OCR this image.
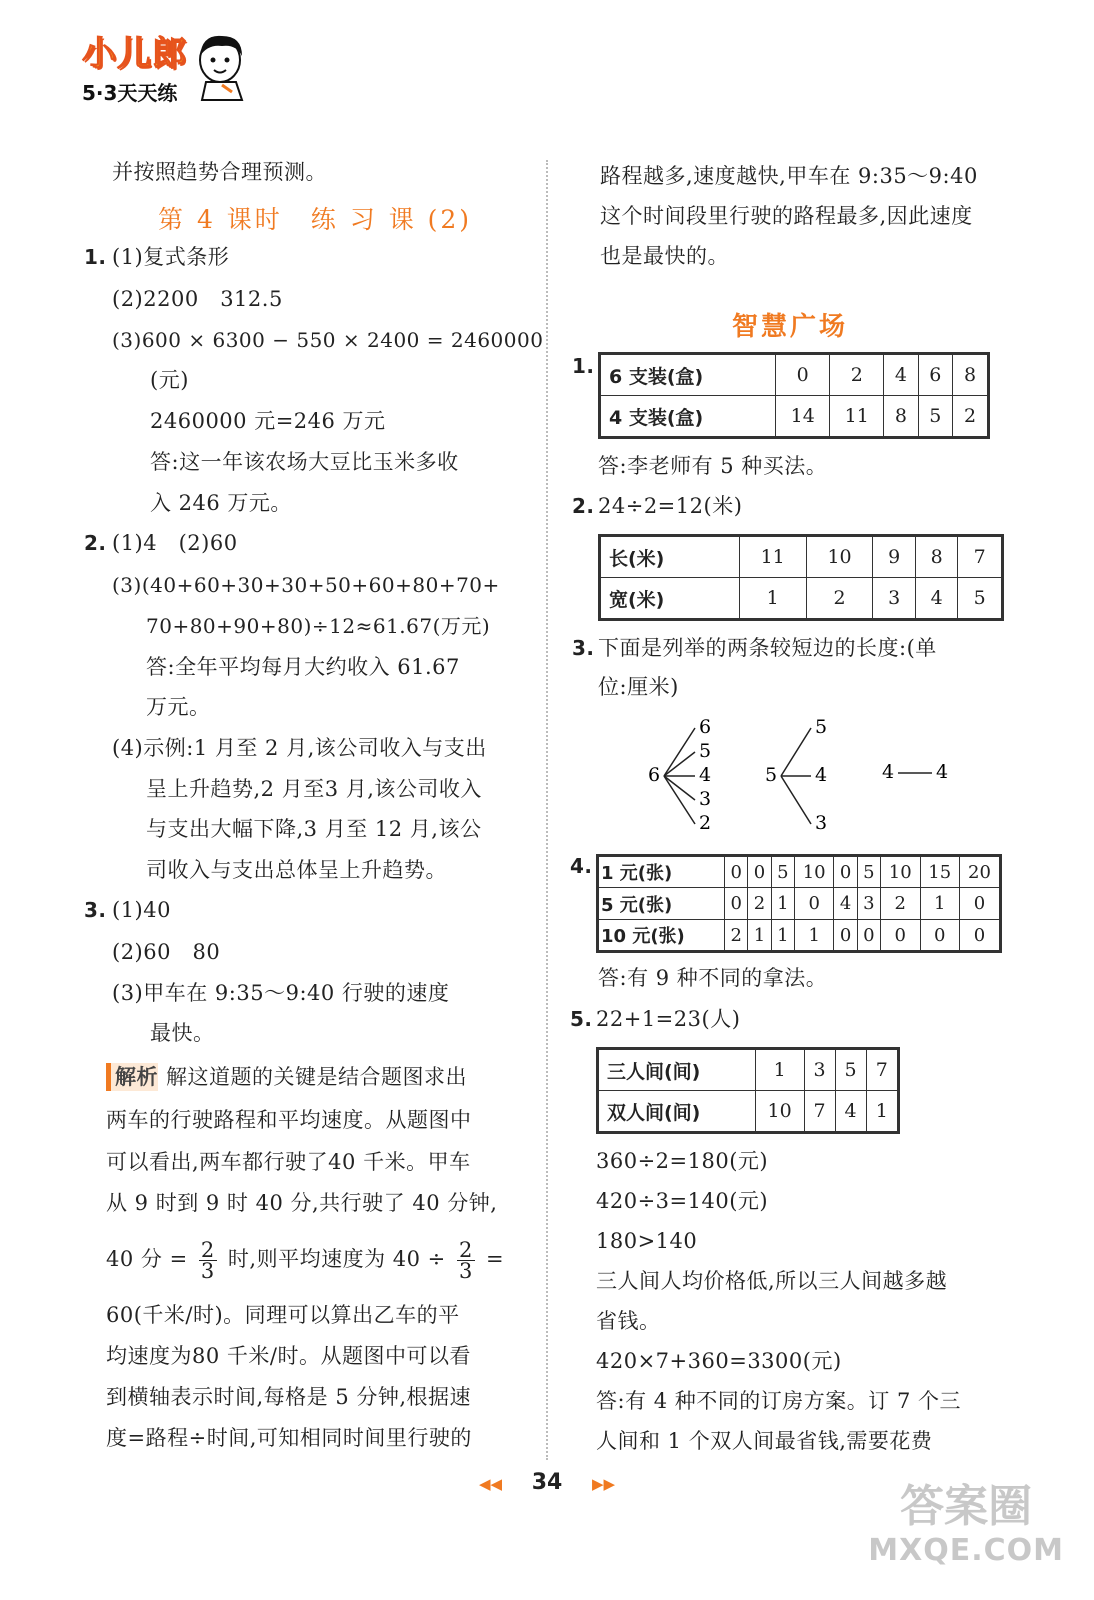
小儿郎
5·3天天练
并按照趋势合理预测。
第 4 课时　练 习 课 (2)
1. (1)复式条形
(2)2200　312.5
(3)600 × 6300 − 550 × 2400 = 2460000
(元)
2460000 元=246 万元
答:这一年该农场大豆比玉米多收
入 246 万元。
2. (1)4　(2)60
(3)(40+60+30+30+50+60+80+70+
70+80+90+80)÷12≈61.67(万元)
答:全年平均每月大约收入 61.67
万元。
(4)示例:1 月至 2 月,该公司收入与支出
呈上升趋势,2 月至3 月,该公司收入
与支出大幅下降,3 月至 12 月,该公
司收入与支出总体呈上升趋势。
3. (1)40
(2)60　80
(3)甲车在 9:35～9:40 行驶的速度
最快。
解析 解这道题的关键是结合题图求出
两车的行驶路程和平均速度。从题图中
可以看出,两车都行驶了40 千米。甲车
从 9 时到 9 时 40 分,共行驶了 40 分钟,
40 分 = $\frac{2}{3}$ 时,则平均速度为 $40 \div \frac{2}{3}$ =
60(千米/时)。同理可以算出乙车的平
均速度为80 千米/时。从题图中可以看
到横轴表示时间,每格是 5 分钟,根据速
度=路程÷时间,可知相同时间里行驶的
路程越多,速度越快,甲车在 9:35～9:40
这个时间段里行驶的路程最多,因此速度
也是最快的。
智慧广场
1. 6 支装(盒)	0	2	4	6	8
4 支装(盒)	14	11	8	5	2
答:李老师有 5 种买法。
2. 24÷2=12(米)
长(米)	11	10	9	8	7
宽(米)	1	2	3	4	5
3. 下面是列举的两条较短边的长度:(单
位:厘米)
6
6
5
4
3
2
5
5
4
3
4 4
4. 1 元(张)	0	0	5	10	0	5	10	15	20
5 元(张)	0	2	1	0	4	3	2	1	0
10 元(张)	2	1	1	1	0	0	0	0	0
答:有 9 种不同的拿法。
5. 22+1=23(人)
三人间(间)	1	3	5	7
双人间(间)	10	7	4	1
360÷2=180(元)
420÷3=140(元)
180>140
三人间人均价格低,所以三人间越多越
省钱。
420×7+360=3300(元)
答:有 4 种不同的订房方案。订 7 个三
人间和 1 个双人间最省钱,需要花费
◀◀ 34 ▶▶	答案圈
MXQE.COM
